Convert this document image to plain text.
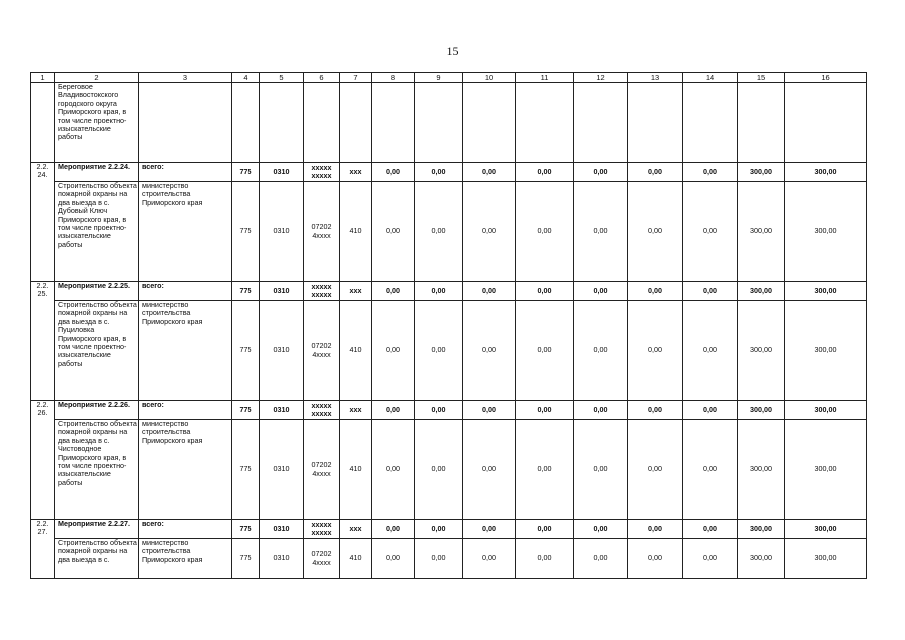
15
1	2	3	4	5	6	7	8	9	10	11	12	13	14	15	16
	Береговое Владивостокского городского округа Приморского края, в том числе проектно-изыскательские работы														
2.2. 24.	Мероприятие 2.2.24.	всего:	775	0310	xxxxx xxxxx	xxx	0,00	0,00	0,00	0,00	0,00	0,00	0,00	300,00	300,00
	Строительство объекта пожарной охраны на два выезда в с. Дубовый Ключ Приморского края, в том числе проектно-изыскательские работы	министерство строительства Приморского края	775	0310	07202 4xxxx	410	0,00	0,00	0,00	0,00	0,00	0,00	0,00	300,00	300,00
2.2. 25.	Мероприятие 2.2.25.	всего:	775	0310	xxxxx xxxxx	xxx	0,00	0,00	0,00	0,00	0,00	0,00	0,00	300,00	300,00
	Строительство объекта пожарной охраны на два выезда в с. Пуциловка Приморского края, в том числе проектно-изыскательские работы	министерство строительства Приморского края	775	0310	07202 4xxxx	410	0,00	0,00	0,00	0,00	0,00	0,00	0,00	300,00	300,00
2.2. 26.	Мероприятие 2.2.26.	всего:	775	0310	xxxxx xxxxx	xxx	0,00	0,00	0,00	0,00	0,00	0,00	0,00	300,00	300,00
	Строительство объекта пожарной охраны на два выезда в с. Чистоводное Приморского края, в том числе проектно-изыскательские работы	министерство строительства Приморского края	775	0310	07202 4xxxx	410	0,00	0,00	0,00	0,00	0,00	0,00	0,00	300,00	300,00
2.2. 27.	Мероприятие 2.2.27.	всего:	775	0310	xxxxx xxxxx	xxx	0,00	0,00	0,00	0,00	0,00	0,00	0,00	300,00	300,00
	Строительство объекта пожарной охраны на два выезда в с.	министерство строительства Приморского края	775	0310	07202 4xxxx	410	0,00	0,00	0,00	0,00	0,00	0,00	0,00	300,00	300,00
